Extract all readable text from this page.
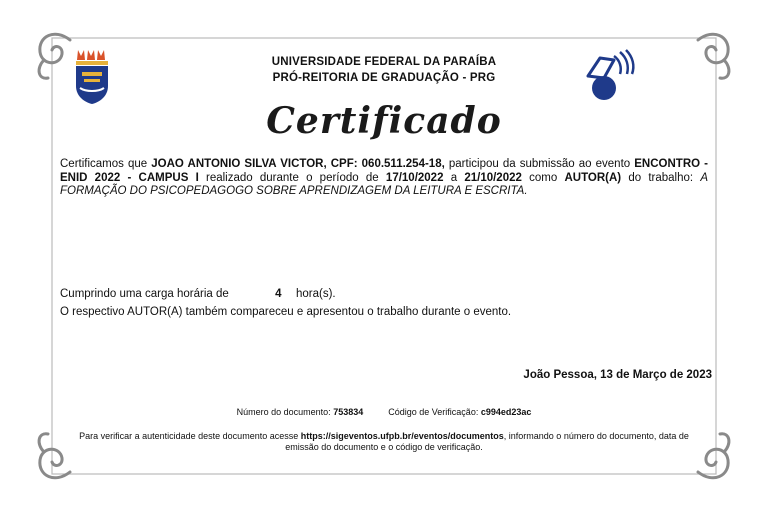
UNIVERSIDADE FEDERAL DA PARAÍBA
PRÓ-REITORIA DE GRADUAÇÃO - PRG
Certificado
Certificamos que JOAO ANTONIO SILVA VICTOR, CPF: 060.511.254-18, participou da submissão ao evento ENCONTRO - ENID 2022 - CAMPUS I realizado durante o período de 17/10/2022 a 21/10/2022 como AUTOR(A) do trabalho: A FORMAÇÃO DO PSICOPEDAGOGO SOBRE APRENDIZAGEM DA LEITURA E ESCRITA.
Cumprindo uma carga horária de	4 hora(s).
O respectivo AUTOR(A) também compareceu e apresentou o trabalho durante o evento.
João Pessoa, 13 de Março de 2023
Número do documento: 753834	Código de Verificação: c994ed23ac
Para verificar a autenticidade deste documento acesse https://sigeventos.ufpb.br/eventos/documentos, informando o número do documento, data de emissão do documento e o código de verificação.
